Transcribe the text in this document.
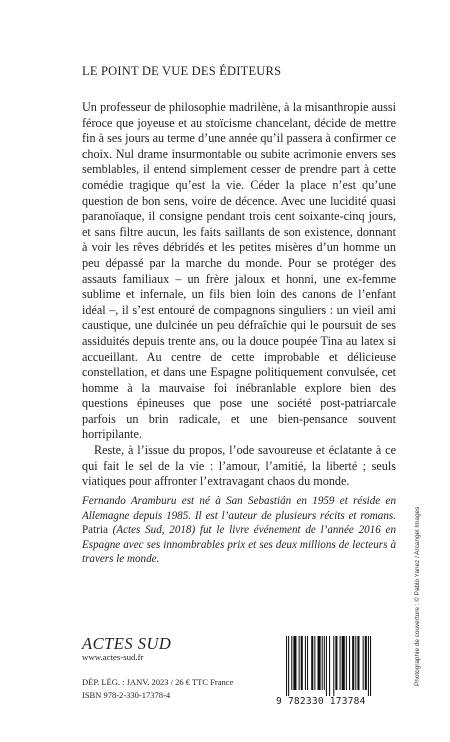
LE POINT DE VUE DES ÉDITEURS

Un professeur de philosophie madrilène, à la misanthropie aussi féroce que joyeuse et au stoïcisme chancelant, décide de mettre fin à ses jours au terme d’une année qu’il passera à confirmer ce choix. Nul drame insurmontable ou subite acrimonie envers ses semblables, il entend simplement cesser de prendre part à cette comédie tragique qu’est la vie. Céder la place n’est qu’une question de bon sens, voire de décence. Avec une lucidité quasi paranoïaque, il consigne pendant trois cent soixante-cinq jours, et sans filtre aucun, les faits saillants de son existence, donnant à voir les rêves débridés et les petites misères d’un homme un peu dépassé par la marche du monde. Pour se protéger des assauts familiaux – un frère jaloux et honni, une ex-femme sublime et infernale, un fils bien loin des canons de l’enfant idéal –, il s’est entouré de compagnons singuliers : un vieil ami caustique, une dulcinée un peu défraîchie qui le poursuit de ses assiduités depuis trente ans, ou la douce poupée Tina au latex si accueillant. Au centre de cette improbable et délicieuse constellation, et dans une Espagne politiquement convulsée, cet homme à la mauvaise foi inébranlable explore bien des questions épineuses que pose une société post-patriarcale parfois un brin radicale, et une bien-pensance souvent horripilante.

Reste, à l’issue du propos, l’ode savoureuse et éclatante à ce qui fait le sel de la vie : l’amour, l’amitié, la liberté ; seuls viatiques pour affronter l’extravagant chaos du monde.

Fernando Aramburu est né à San Sebastián en 1959 et réside en Allemagne depuis 1985. Il est l’auteur de plusieurs récits et romans. Patria (Actes Sud, 2018) fut le livre événement de l’année 2016 en Espagne avec ses innombrables prix et ses deux millions de lecteurs à travers le monde.

ACTES SUD
www.actes-sud.fr
DÉP. LÉG. : JANV. 2023 / 26 € TTC France
ISBN 978-2-330-17378-4
9 782330 173784
Photographie de couverture : © Pablo Yanez / Arcangel Images
